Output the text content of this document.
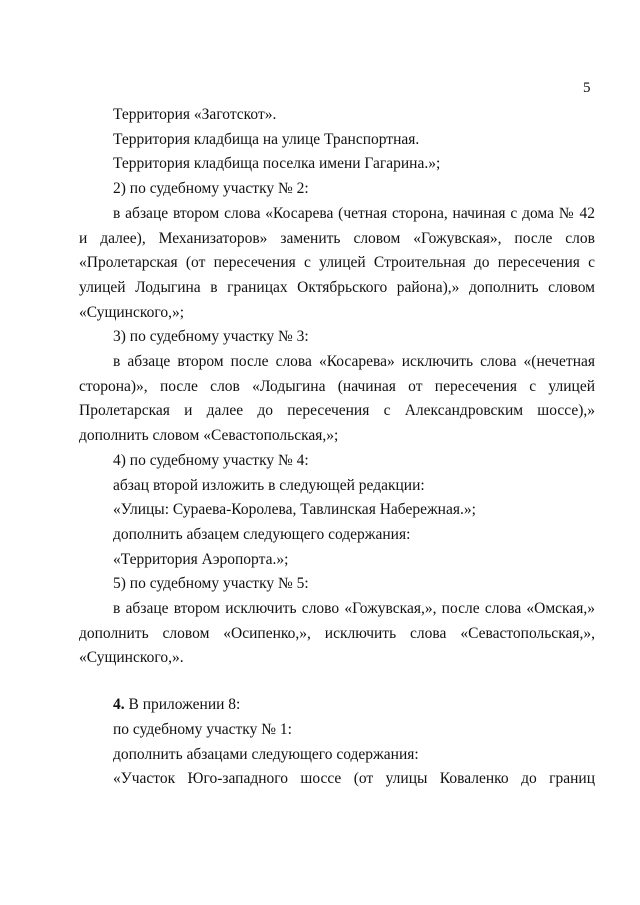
5

Территория «Заготскот».

Территория кладбища на улице Транспортная.

Территория кладбища поселка имени Гагарина.»;

2) по судебному участку № 2:

в абзаце втором слова «Косарева (четная сторона, начиная с дома № 42 и далее), Механизаторов» заменить словом «Гожувская», после слов «Пролетарская (от пересечения с улицей Строительная до пересечения с улицей Лодыгина в границах Октябрьского района),» дополнить словом «Сущинского,»;

3) по судебному участку № 3:

в абзаце втором после слова «Косарева» исключить слова «(нечетная сторона)», после слов «Лодыгина (начиная от пересечения с улицей Пролетарская и далее до пересечения с Александровским шоссе),» дополнить словом «Севастопольская,»;

4) по судебному участку № 4:

абзац второй изложить в следующей редакции:

«Улицы: Сураева-Королева, Тавлинская Набережная.»;

дополнить абзацем следующего содержания:

«Территория Аэропорта.»;

5) по судебному участку № 5:

в абзаце втором исключить слово «Гожувская,», после слова «Омская,» дополнить словом «Осипенко,», исключить слова «Севастопольская,», «Сущинского,».

4. В приложении 8:

по судебному участку № 1:

дополнить абзацами следующего содержания:

«Участок Юго-западного шоссе (от улицы Коваленко до границ
